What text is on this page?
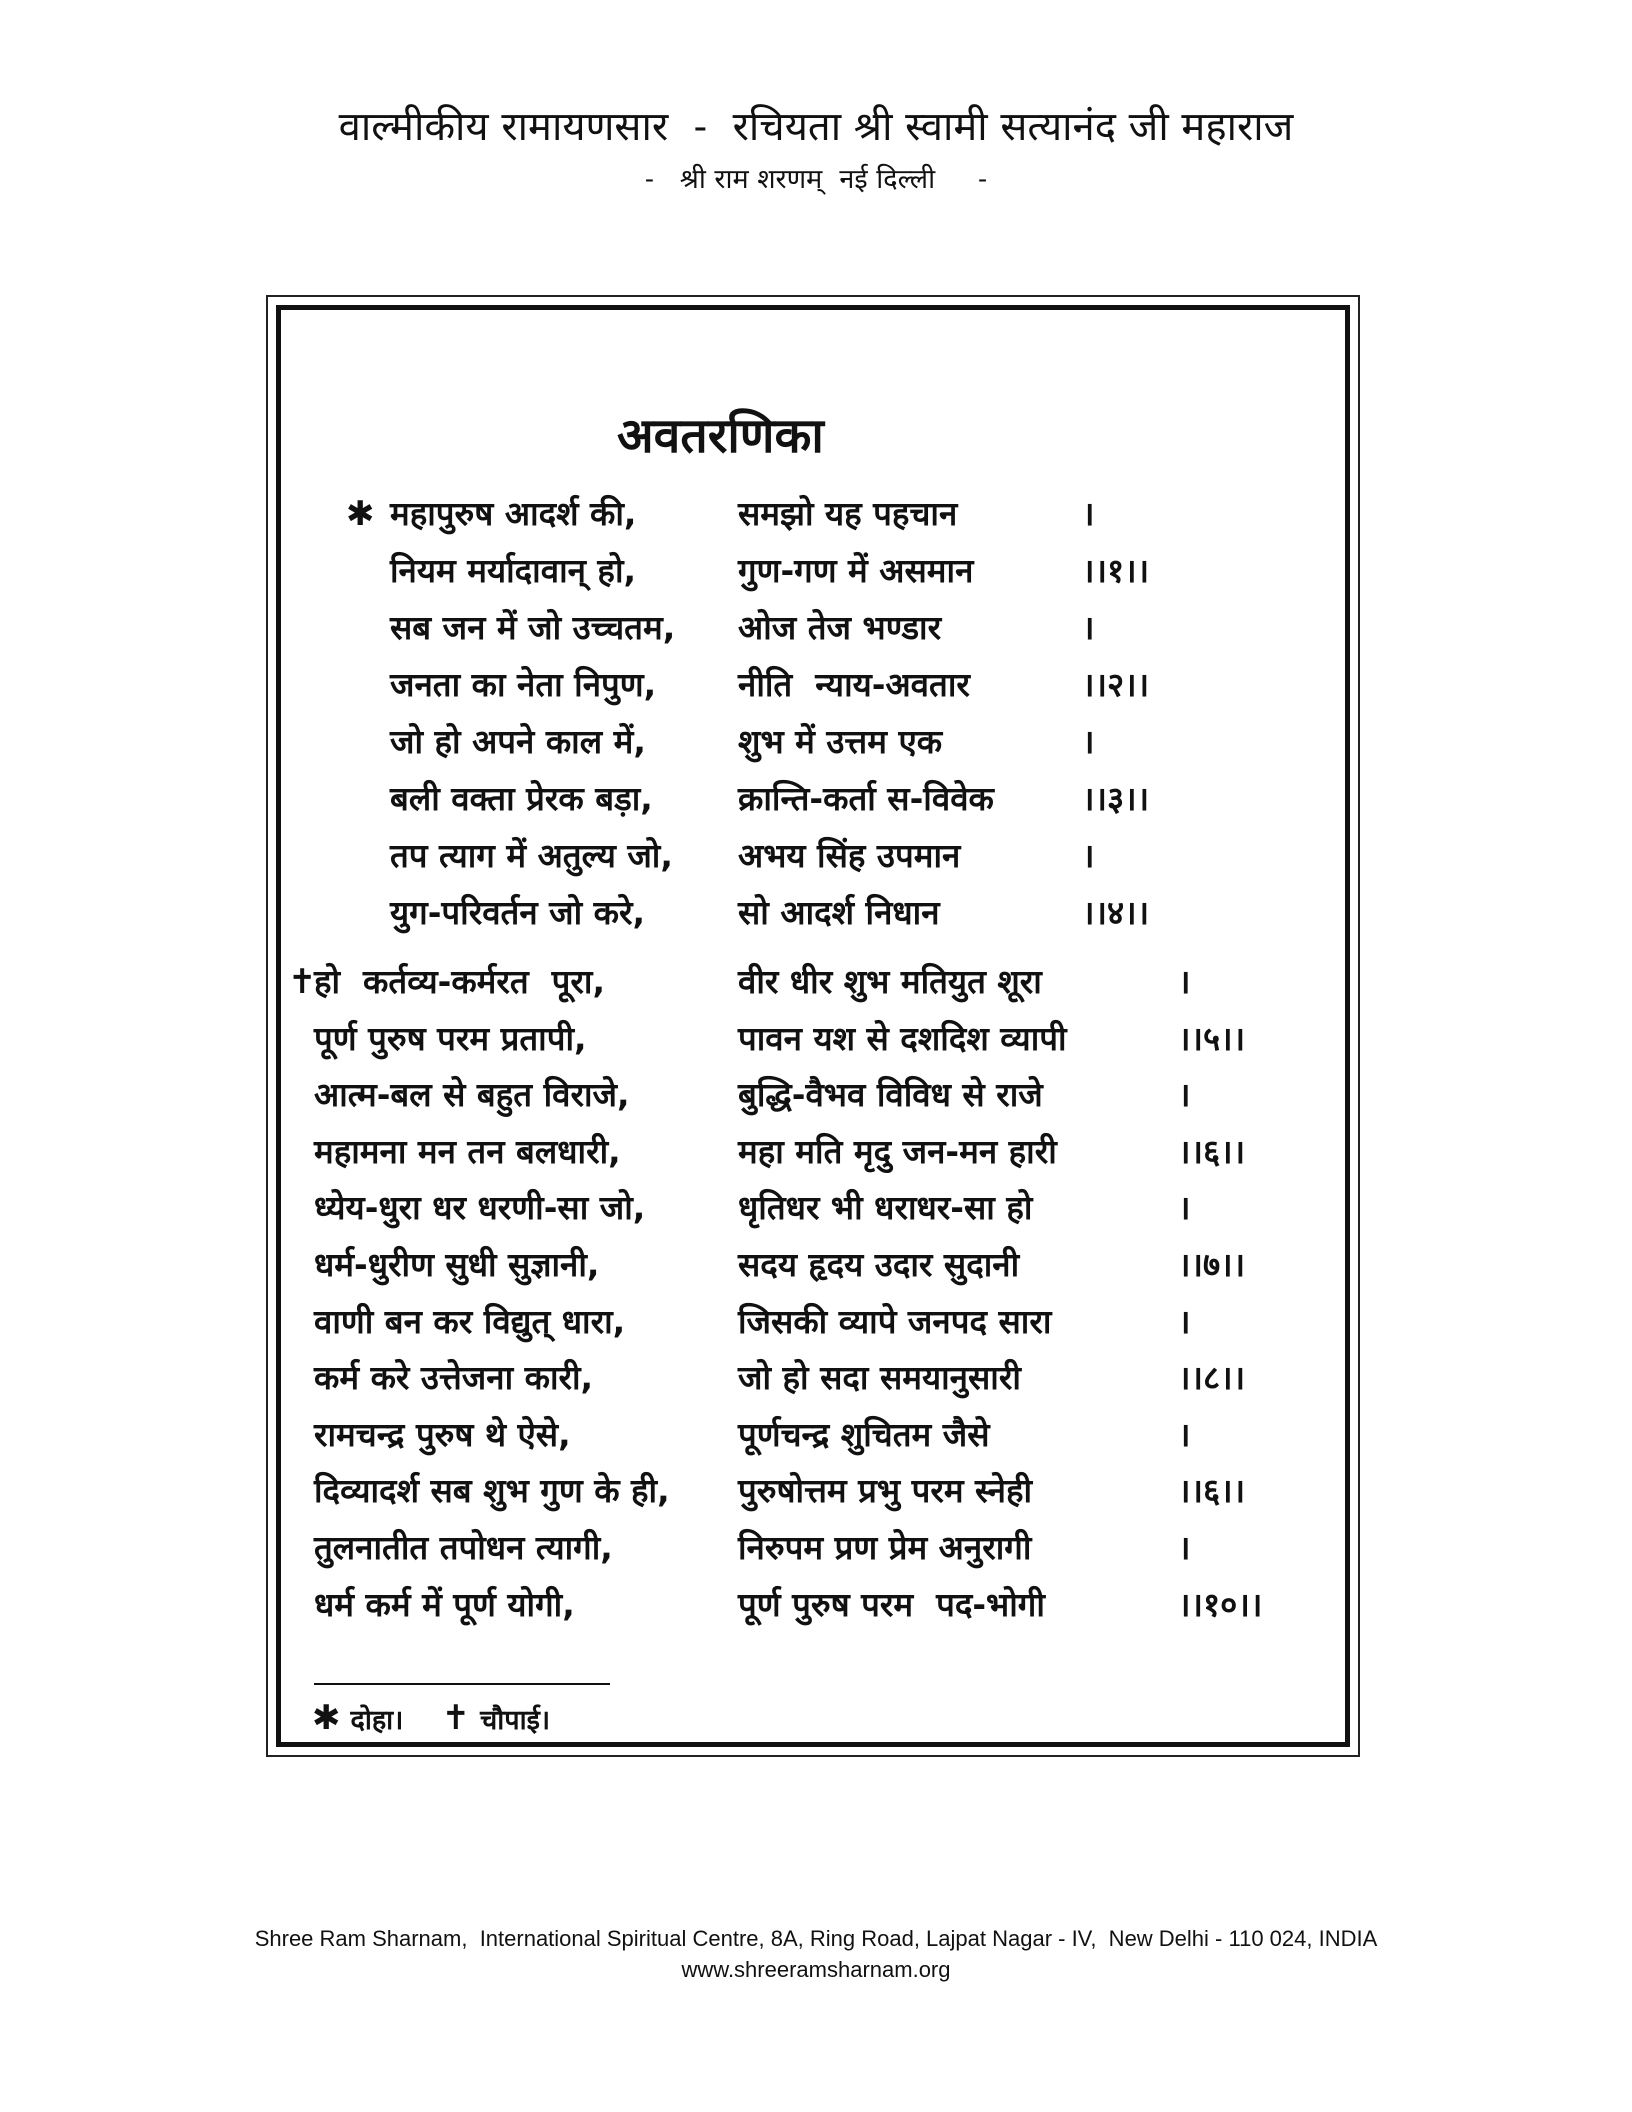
वाल्मीकीय रामायणसार  -  रचियता श्री स्वामी सत्यानंद जी महाराज
-   श्री राम शरणम्  नई दिल्ली     -
अवतरणिका
✱ महापुरुष आदर्श की,	समझो यह पहचान	।
नियम मर्यादावान् हो,	गुण-गण में असमान	।।१।।
सब जन में जो उच्चतम, ओज तेज भण्डार	।
जनता का नेता निपुण, नीति  न्याय-अवतार	।।२।।
जो हो अपने काल में,	शुभ में उत्तम एक	।
बली वक्ता प्रेरक बड़ा,	क्रान्ति-कर्ता स-विवेक	।।३।।
तप त्याग में अतुल्य जो, अभय सिंह उपमान	।
युग-परिवर्तन जो करे,	सो आदर्श निधान	।।४।।
✝
हो  कर्तव्य-कर्मरत  पूरा,	वीर धीर शुभ मतियुत शूरा	।
पूर्ण पुरुष परम प्रतापी,	पावन यश से दशदिश व्यापी	।।५।।
आत्म-बल से बहुत विराजे,	बुद्धि-वैभव विविध से राजे	।
महामना मन तन बलधारी,	महा मति मृदु जन-मन हारी	।।६।।
ध्येय-धुरा धर धरणी-सा जो,	धृतिधर भी धराधर-सा हो	।
धर्म-धुरीण सुधी सुज्ञानी,	सदय हृदय उदार सुदानी	।।७।।
वाणी बन कर विद्युत् धारा,	जिसकी व्यापे जनपद सारा	।
कर्म करे उत्तेजना कारी,	जो हो सदा समयानुसारी	।।८।।
रामचन्द्र पुरुष थे ऐसे,	पूर्णचन्द्र शुचितम जैसे	।
दिव्यादर्श सब शुभ गुण के ही, पुरुषोत्तम प्रभु परम स्नेही	।।६।।
तुलनातीत तपोधन त्यागी,	निरुपम प्रण प्रेम अनुरागी	।
धर्म कर्म में पूर्ण योगी,	पूर्ण पुरुष परम  पद-भोगी	।।१०।।
✱ दोहा। ✝ चौपाई।
Shree Ram Sharnam,  International Spiritual Centre, 8A, Ring Road, Lajpat Nagar - IV,  New Delhi - 110 024, INDIA
www.shreeramsharnam.org
